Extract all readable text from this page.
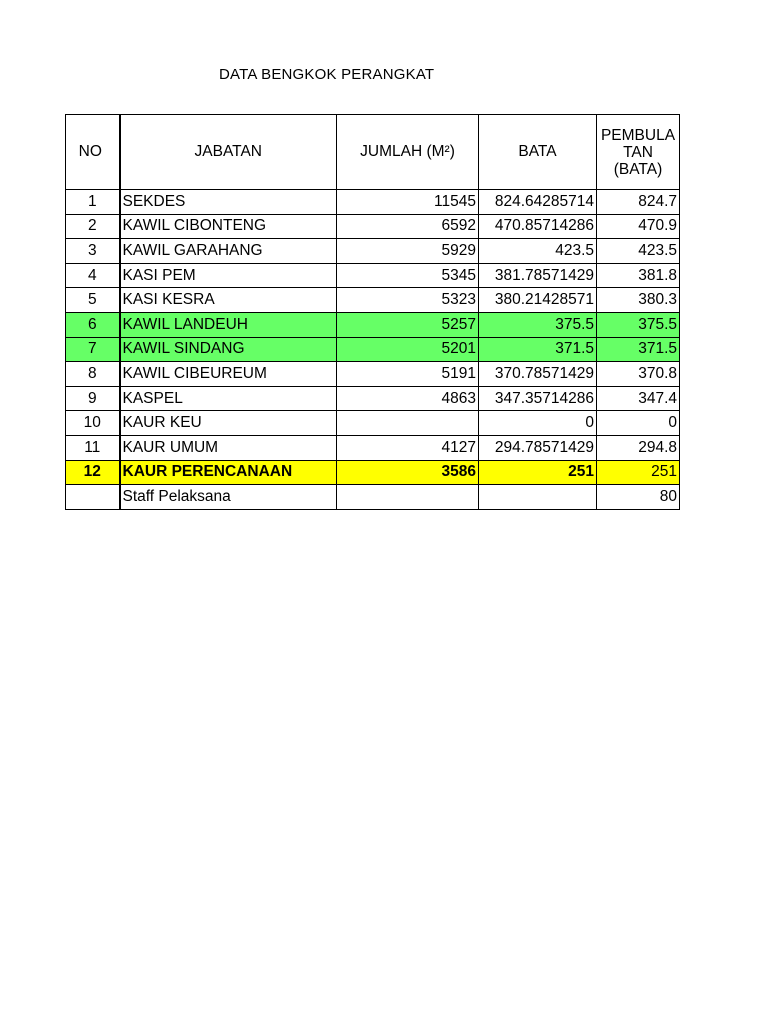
DATA BENGKOK PERANGKAT
NO	JABATAN	JUMLAH (M²)	BATA	PEMBULA TAN (BATA)
1	SEKDES	11545	824.64285714	824.7
2	KAWIL CIBONTENG	6592	470.85714286	470.9
3	KAWIL GARAHANG	5929	423.5	423.5
4	KASI PEM	5345	381.78571429	381.8
5	KASI KESRA	5323	380.21428571	380.3
6	KAWIL LANDEUH	5257	375.5	375.5
7	KAWIL SINDANG	5201	371.5	371.5
8	KAWIL CIBEUREUM	5191	370.78571429	370.8
9	KASPEL	4863	347.35714286	347.4
10	KAUR KEU		0	0
11	KAUR UMUM	4127	294.78571429	294.8
12	KAUR PERENCANAAN	3586	251	251
	Staff Pelaksana			80
